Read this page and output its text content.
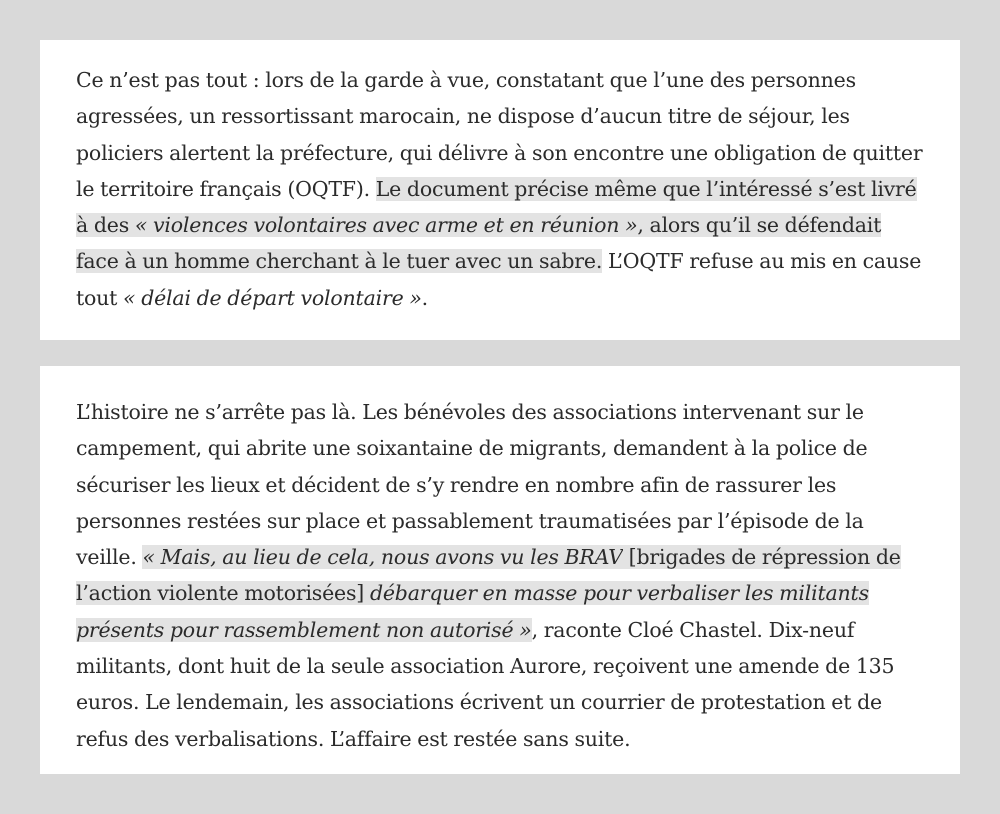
Ce n’est pas tout : lors de la garde à vue, constatant que l’une des personnes agressées, un ressortissant marocain, ne dispose d’aucun titre de séjour, les policiers alertent la préfecture, qui délivre à son encontre une obligation de quitter le territoire français (OQTF). Le document précise même que l’intéressé s’est livré à des « violences volontaires avec arme et en réunion », alors qu’il se défendait face à un homme cherchant à le tuer avec un sabre. L’OQTF refuse au mis en cause tout « délai de départ volontaire ».

L’histoire ne s’arrête pas là. Les bénévoles des associations intervenant sur le campement, qui abrite une soixantaine de migrants, demandent à la police de sécuriser les lieux et décident de s’y rendre en nombre afin de rassurer les personnes restées sur place et passablement traumatisées par l’épisode de la veille. « Mais, au lieu de cela, nous avons vu les BRAV [brigades de répression de l’action violente motorisées] débarquer en masse pour verbaliser les militants présents pour rassemblement non autorisé », raconte Cloé Chastel. Dix-neuf militants, dont huit de la seule association Aurore, reçoivent une amende de 135 euros. Le lendemain, les associations écrivent un courrier de protestation et de refus des verbalisations. L’affaire est restée sans suite.
